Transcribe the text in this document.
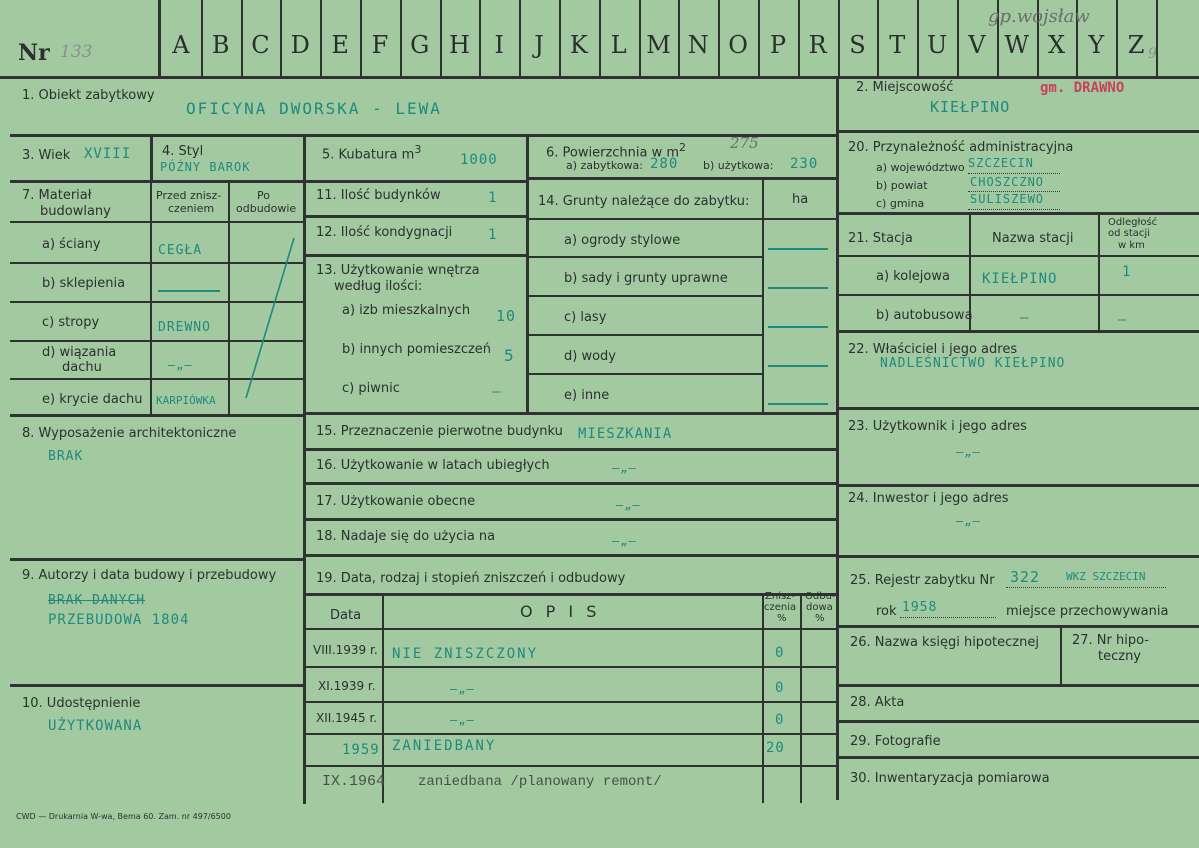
Nr 133	A B C D E F G H	I	J	K L M N O P R S T U V W X Y Z
gp.wojsław
9
1. Obiekt zabytkowy
OFICYNA DWORSKA - LEWA
2. Miejscowość	gm. DRAWNO
KIEŁPINO
3. Wiek XVIII 4. Styl
PÓŹNY BAROK
5. Kubatura $m^3$
1000	6. Powierzchnia w $m^2$	275
a) zabytkowa: 280 b) użytkowa: 230
7. Materiał
budowlany
Przed znisz-
czeniem
Po
odbudowie
a) ściany	CEGŁA
b) sklepienia
c) stropy	DREWNO
d) wiązania
dachu	—„—
e) krycie dachu KARPIÓWKA
8. Wyposażenie architektoniczne
BRAK
9. Autorzy i data budowy i przebudowy
BRAK DANYCH
PRZEBUDOWA 1804
10. Udostępnienie
UŻYTKOWANA
11. Ilość budynków	1
12. Ilość kondygnacji	1
13. Użytkowanie wnętrza
według ilości:
a) izb mieszkalnych 10
b) innych pomieszczeń 5
c) piwnic	—
14. Grunty należące do zabytku:	ha
a) ogrody stylowe
b) sady i grunty uprawne
c) lasy
d) wody
e) inne
15. Przeznaczenie pierwotne budynku MIESZKANIA
16. Użytkowanie w latach ubiegłych	—„—
17. Użytkowanie obecne	—„—
18. Nadaje się do użycia na	—„—
19. Data, rodzaj i stopień zniszczeń i odbudowy
Data	O P I S
Znisz-
czenia
%
Odbu-
dowa
%
VIII.1939 r. NIE ZNISZCZONY	0
XI.1939 r.	—„—	0
XII.1945 r.	—„—	0
1959 ZANIEDBANY	20
IX.1964 zaniedbana /planowany remont/
20. Przynależność administracyjna
a) województwo SZCZECIN
b) powiat	CHOSZCZNO
c) gmina	SULISZEWO
21. Stacja	Nazwa stacji
Odległość
od stacji
w km
a) kolejowa KIEŁPINO	1
b) autobusowa	—	—
22. Właściciel i jego adres
NADLEŚNICTWO KIEŁPINO
23. Użytkownik i jego adres
—„—
24. Inwestor i jego adres
—„—
25. Rejestr zabytku Nr 322 WKZ SZCZECIN
rok 1958	miejsce przechowywania
26. Nazwa księgi hipotecznej	27. Nr hipo-
teczny
28. Akta
29. Fotografie
30. Inwentaryzacja pomiarowa
CWD — Drukarnia W-wa, Bema 60. Zam. nr 497/6500
